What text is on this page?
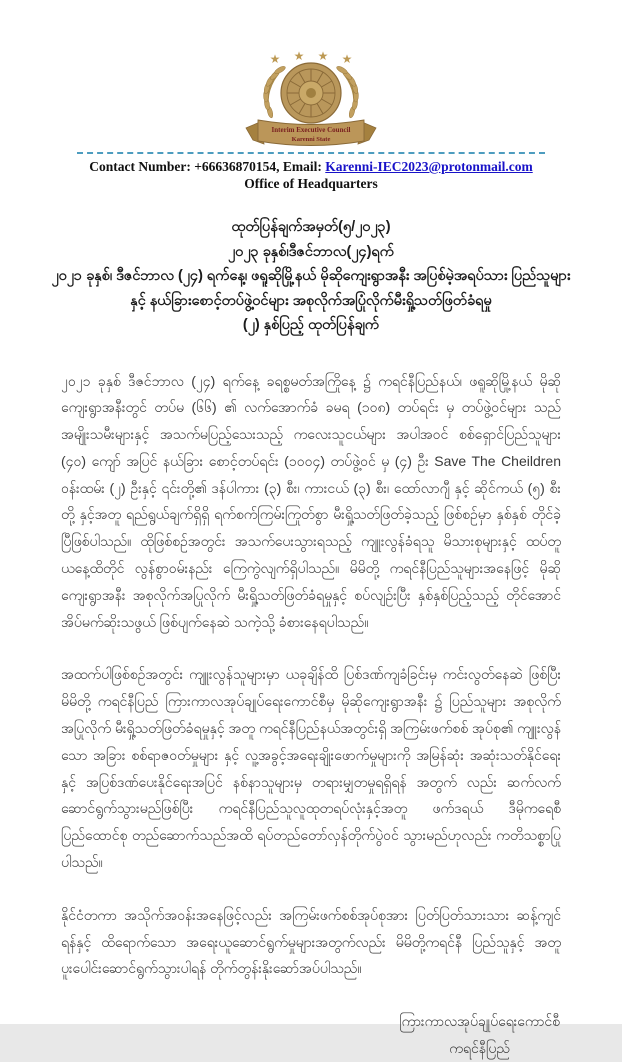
★ ★ ★ ★
Interim Executive Council
Karenni State
Contact Number: +66636870154, Email: Karenni-IEC2023@protonmail.com
Office of Headquarters
ထုတ်ပြန်ချက်အမှတ်(၅/၂၀၂၃)
၂၀၂၃ ခုနှစ်၊ဒီဇင်ဘာလ(၂၄)ရက်
၂၀၂၁ ခုနှစ်၊ ဒီဇင်ဘာလ (၂၄) ရက်နေ့၊ ဖရူဆိုမြို့နယ် မိုဆိုကျေးရွာအနီး အပြစ်မဲ့အရပ်သား ပြည်သူများ
နှင့် နယ်ခြားစောင့်တပ်ဖွဲ့ဝင်များ အစုလိုက်အပြုံလိုက်မီးရှို့သတ်ဖြတ်ခံရမှု
(၂) နှစ်ပြည့် ထုတ်ပြန်ချက်

၂၀၂၁ ခုနှစ် ဒီဇင်ဘာလ (၂၄) ရက်နေ့ ခရစ္စမတ်အကြိုနေ့ ၌ ကရင်နီပြည်နယ်၊ ဖရူဆိုမြို့နယ် မိုဆိုကျေးရွာအနီးတွင် တပ်မ (၆၆) ၏ လက်အောက်ခံ ခမရ (၁၀၈) တပ်ရင်း မှ တပ်ဖွဲ့ဝင်များ သည် အမျိုးသမီးများနှင့် အသက်မပြည့်သေးသည့် ကလေးသူငယ်များ အပါအဝင် စစ်ရှောင်ပြည်သူများ (၄၀) ကျော် အပြင် နယ်ခြား စောင့်တပ်ရင်း (၁၀၀၄) တပ်ဖွဲ့ဝင် မှ (၄) ဦး Save The Cheildren ဝန်းထမ်း (၂) ဦးနှင့် ၎င်းတို့၏ ဒန်ပါကား (၃) စီး၊ ကားငယ် (၃) စီး၊ ထော်လာဂျီ နှင့် ဆိုင်ကယ် (၅) စီး တို့ နှင့်အတူ ရည်ရွယ်ချက်ရှိရှိ ရက်စက်ကြမ်းကြုတ်စွာ မီးရှို့သတ်ဖြတ်ခဲ့သည့် ဖြစ်စဉ်မှာ နှစ်နှစ် တိုင်ခဲ့ပြီဖြစ်ပါသည်။ ထိုဖြစ်စဉ်အတွင်း အသက်ပေးသွားရသည့် ကျူးလွန်ခံရသူ မိသားစုများနှင့် ထပ်တူ ယနေ့ထိတိုင် လွန်စွာဝမ်းနည်း ကြေကွဲလျက်ရှိပါသည်။ မိမိတို့ ကရင်နီပြည်သူများအနေဖြင့် မိုဆိုကျေးရွာအနီး အစုလိုက်အပြုလိုက် မီးရှို့သတ်ဖြတ်ခံရမှုနှင့် စပ်လျဉ်းပြီး နှစ်နှစ်ပြည့်သည့် တိုင်အောင် အိပ်မက်ဆိုးသဖွယ် ဖြစ်ပျက်နေဆဲ သကဲ့သို့ ခံစားနေရပါသည်။

အထက်ပါဖြစ်စဉ်အတွင်း ကျူးလွန်သူများမှာ ယခုချိန်ထိ ပြစ်ဒဏ်ကျခံခြင်းမှ ကင်းလွတ်နေဆဲ ဖြစ်ပြီး မိမိတို့ ကရင်နီပြည် ကြားကာလအုပ်ချုပ်ရေးကောင်စီမှ မိုဆိုကျေးရွာအနီး ၌ ပြည်သူများ အစုလိုက်အပြုလိုက် မီးရှို့သတ်ဖြတ်ခံရမှုနှင့် အတူ ကရင်နီပြည်နယ်အတွင်းရှိ အကြမ်းဖက်စစ် အုပ်စု၏ ကျူးလွန်သော အခြား စစ်ရာဇဝတ်မှုများ နှင့် လူ့အခွင့်အရေးချိုးဖောက်မှုများကို အမြန်ဆုံး အဆုံးသတ်နိုင်ရေးနှင့် အပြစ်ဒဏ်ပေးနိုင်ရေးအပြင် နစ်နာသူများမှ တရားမျှတမှုရရှိရန် အတွက် လည်း ဆက်လက် ဆောင်ရွက်သွားမည်ဖြစ်ပြီး ကရင်နီပြည်သူလူထုတရပ်လုံးနှင့်အတူ ဖက်ဒရယ် ဒီမိုကရေစီ ပြည်ထောင်စု တည်ဆောက်သည်အထိ ရပ်တည်တော်လှန်တိုက်ပွဲဝင် သွားမည်ဟုလည်း ကတိသစ္စာပြုပါသည်။

နိုင်ငံတကာ အသိုက်အဝန်းအနေဖြင့်လည်း အကြမ်းဖက်စစ်အုပ်စုအား ပြတ်ပြတ်သားသား ဆန့်ကျင်ရန်နှင့် ထိရောက်သော အရေးယူဆောင်ရွက်မှုများအတွက်လည်း မိမိတို့ကရင်နီ ပြည်သူနှင့် အတူ ပူးပေါင်းဆောင်ရွက်သွားပါရန် တိုက်တွန်းနိုးဆော်အပ်ပါသည်။

ကြားကာလအုပ်ချုပ်ရေးကောင်စီ
ကရင်နီပြည်
